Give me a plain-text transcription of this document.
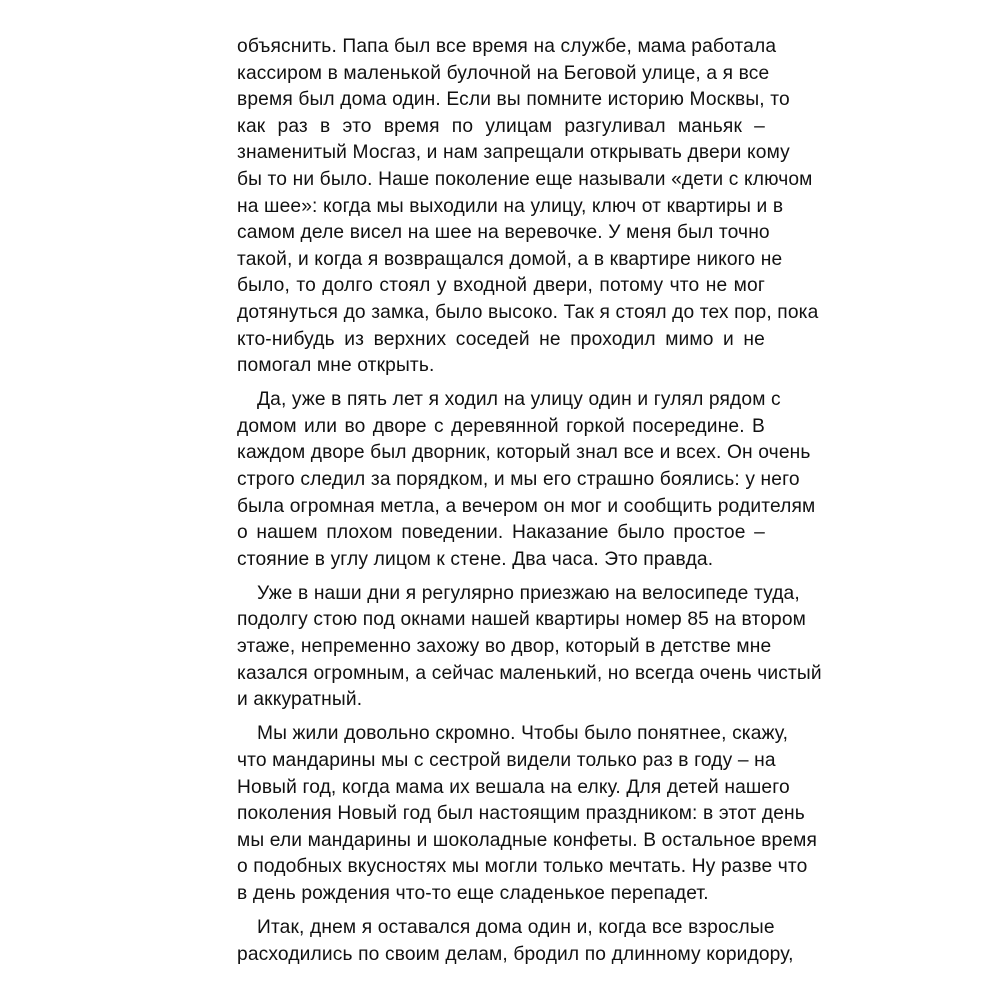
объяснить. Папа был все время на службе, мама работала
кассиром в маленькой булочной на Беговой улице, а я все
время был дома один. Если вы помните историю Москвы, то
как раз в это время по улицам разгуливал маньяк –
знаменитый Мосгаз, и нам запрещали открывать двери кому
бы то ни было. Наше поколение еще называли «дети с ключом
на шее»: когда мы выходили на улицу, ключ от квартиры и в
самом деле висел на шее на веревочке. У меня был точно
такой, и когда я возвращался домой, а в квартире никого не
было, то долго стоял у входной двери, потому что не мог
дотянуться до замка, было высоко. Так я стоял до тех пор, пока
кто-нибудь из верхних соседей не проходил мимо и не
помогал мне открыть.

Да, уже в пять лет я ходил на улицу один и гулял рядом с
домом или во дворе с деревянной горкой посередине. В
каждом дворе был дворник, который знал все и всех. Он очень
строго следил за порядком, и мы его страшно боялись: у него
была огромная метла, а вечером он мог и сообщить родителям
о нашем плохом поведении. Наказание было простое –
стояние в углу лицом к стене. Два часа. Это правда.

Уже в наши дни я регулярно приезжаю на велосипеде туда,
подолгу стою под окнами нашей квартиры номер 85 на втором
этаже, непременно захожу во двор, который в детстве мне
казался огромным, а сейчас маленький, но всегда очень чистый
и аккуратный.

Мы жили довольно скромно. Чтобы было понятнее, скажу,
что мандарины мы с сестрой видели только раз в году – на
Новый год, когда мама их вешала на елку. Для детей нашего
поколения Новый год был настоящим праздником: в этот день
мы ели мандарины и шоколадные конфеты. В остальное время
о подобных вкусностях мы могли только мечтать. Ну разве что
в день рождения что-то еще сладенькое перепадет.

Итак, днем я оставался дома один и, когда все взрослые
расходились по своим делам, бродил по длинному коридору,
